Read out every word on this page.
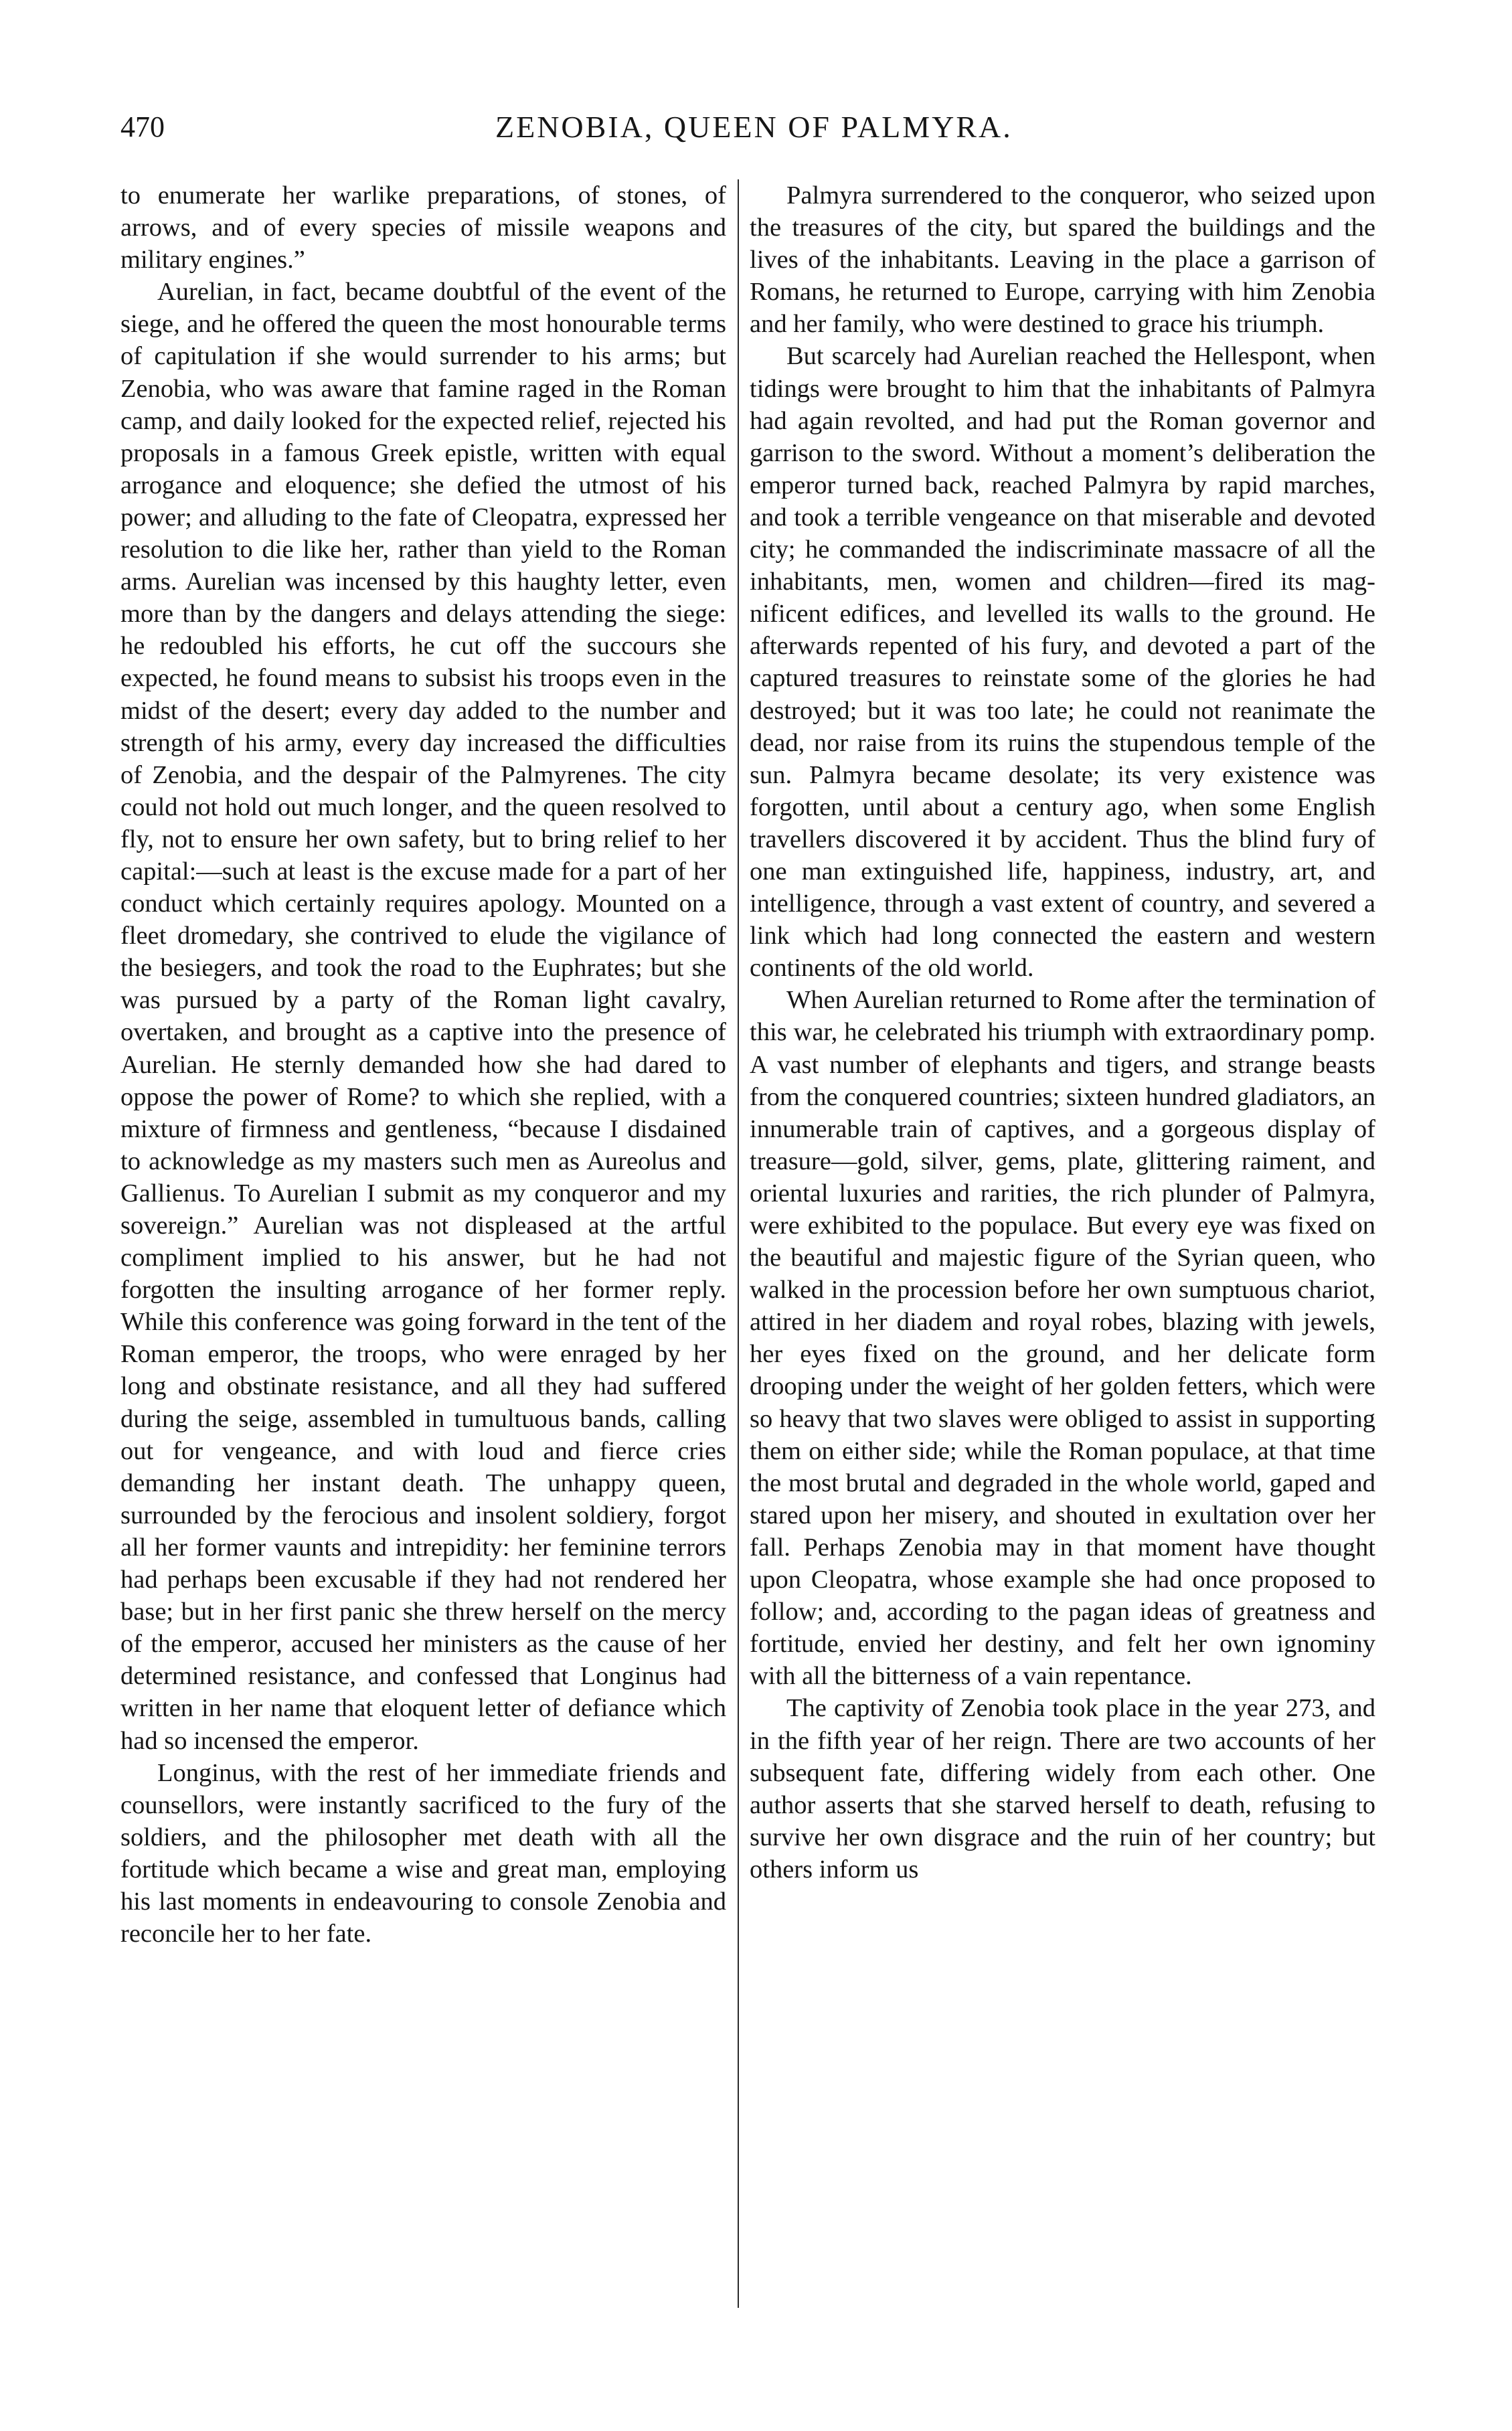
470	ZENOBIA, QUEEN OF PALMYRA.

to enumerate her warlike preparations, of stones, of arrows, and of every species of missile weapons and military engines.”

Aurelian, in fact, became doubtful of the event of the siege, and he offered the queen the most honourable terms of capitulation if she would surrender to his arms; but Zenobia, who was aware that famine raged in the Roman camp, and daily looked for the expected relief, rejected his proposals in a famous Greek epistle, written with equal arrogance and eloquence; she defied the utmost of his power; and alluding to the fate of Cleopatra, expressed her resolution to die like her, rather than yield to the Roman arms. Aurelian was incensed by this haughty letter, even more than by the dangers and delays attending the siege: he redoubled his efforts, he cut off the succours she expected, he found means to subsist his troops even in the midst of the desert; every day added to the number and strength of his army, every day increased the difficulties of Zenobia, and the despair of the Palmyrenes. The city could not hold out much longer, and the queen resolved to fly, not to ensure her own safety, but to bring relief to her capital:—such at least is the excuse made for a part of her conduct which certainly requires apology. Mounted on a fleet dromedary, she contrived to elude the vigilance of the besiegers, and took the road to the Euphrates; but she was pursued by a party of the Roman light cavalry, overtaken, and brought as a captive into the presence of Aurelian. He sternly demanded how she had dared to oppose the power of Rome? to which she replied, with a mixture of firmness and gentleness, “because I disdained to acknowledge as my masters such men as Aureolus and Gallienus. To Aurelian I submit as my conqueror and my sovereign.” Aurelian was not displeased at the artful compliment implied to his answer, but he had not forgotten the insulting arrogance of her former reply. While this conference was going forward in the tent of the Roman emperor, the troops, who were enraged by her long and obstinate resistance, and all they had suffered during the seige, assembled in tumultuous bands, calling out for vengeance, and with loud and fierce cries demanding her instant death. The unhappy queen, surrounded by the ferocious and insolent soldiery, forgot all her former vaunts and intrepidity: her feminine terrors had perhaps been excusable if they had not rendered her base; but in her first panic she threw herself on the mercy of the emperor, accused her ministers as the cause of her determined resistance, and confessed that Longinus had written in her name that eloquent letter of defiance which had so incensed the emperor.

Longinus, with the rest of her immediate friends and counsellors, were instantly sacrificed to the fury of the soldiers, and the philosopher met death with all the fortitude which became a wise and great man, employing his last moments in endeavouring to console Zenobia and reconcile her to her fate.

Palmyra surrendered to the conqueror, who seized upon the treasures of the city, but spared the buildings and the lives of the inhabitants. Leaving in the place a garrison of Romans, he returned to Europe, carrying with him Zenobia and her family, who were destined to grace his triumph.

But scarcely had Aurelian reached the Hellespont, when tidings were brought to him that the inhabitants of Palmyra had again revolted, and had put the Roman governor and garrison to the sword. Without a moment’s deliberation the emperor turned back, reached Palmyra by rapid marches, and took a terrible vengeance on that miserable and devoted city; he commanded the indiscriminate massacre of all the inhabitants, men, women and children—fired its magnificent edifices, and levelled its walls to the ground. He afterwards repented of his fury, and devoted a part of the captured treasures to reinstate some of the glories he had destroyed; but it was too late; he could not reanimate the dead, nor raise from its ruins the stupendous temple of the sun. Palmyra became desolate; its very existence was forgotten, until about a century ago, when some English travellers discovered it by accident. Thus the blind fury of one man extinguished life, happiness, industry, art, and intelligence, through a vast extent of country, and severed a link which had long connected the eastern and western continents of the old world.

When Aurelian returned to Rome after the termination of this war, he celebrated his triumph with extraordinary pomp. A vast number of elephants and tigers, and strange beasts from the conquered countries; sixteen hundred gladiators, an innumerable train of captives, and a gorgeous display of treasure—gold, silver, gems, plate, glittering raiment, and oriental luxuries and rarities, the rich plunder of Palmyra, were exhibited to the populace. But every eye was fixed on the beautiful and majestic figure of the Syrian queen, who walked in the procession before her own sumptuous chariot, attired in her diadem and royal robes, blazing with jewels, her eyes fixed on the ground, and her delicate form drooping under the weight of her golden fetters, which were so heavy that two slaves were obliged to assist in supporting them on either side; while the Roman populace, at that time the most brutal and degraded in the whole world, gaped and stared upon her misery, and shouted in exultation over her fall. Perhaps Zenobia may in that moment have thought upon Cleopatra, whose example she had once proposed to follow; and, according to the pagan ideas of greatness and fortitude, envied her destiny, and felt her own ignominy with all the bitterness of a vain repentance.

The captivity of Zenobia took place in the year 273, and in the fifth year of her reign. There are two accounts of her subsequent fate, differing widely from each other. One author asserts that she starved herself to death, refusing to survive her own disgrace and the ruin of her country; but others inform us
